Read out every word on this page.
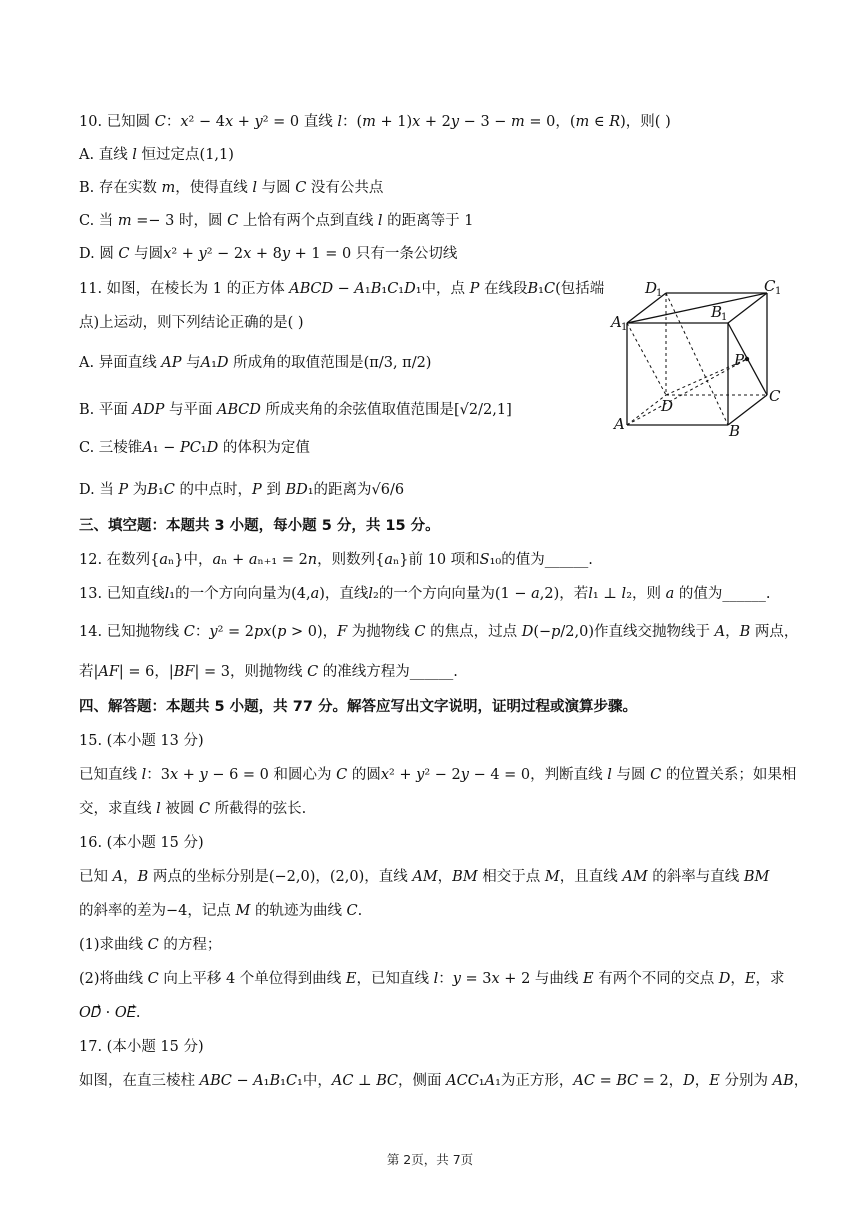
10. 已知圆 𝐶：𝑥² − 4𝑥 + 𝑦² = 0 直线 𝑙：(𝑚 + 1)𝑥 + 2𝑦 − 3 − 𝑚 = 0，(𝑚 ∈ 𝑅)，则( )
A. 直线 𝑙 恒过定点(1,1)
B. 存在实数 𝑚，使得直线 𝑙 与圆 𝐶 没有公共点
C. 当 𝑚 =− 3 时，圆 𝐶 上恰有两个点到直线 𝑙 的距离等于 1
D. 圆 𝐶 与圆𝑥² + 𝑦² − 2𝑥 + 8𝑦 + 1 = 0 只有一条公切线
11. 如图，在棱长为 1 的正方体 𝐴𝐵𝐶𝐷 − 𝐴₁𝐵₁𝐶₁𝐷₁中，点 𝑃 在线段𝐵₁𝐶(包括端
点)上运动，则下列结论正确的是( )
A. 异面直线 𝐴𝑃 与𝐴₁𝐷 所成角的取值范围是(π/3, π/2)
B. 平面 𝐴𝐷𝑃 与平面 𝐴𝐵𝐶𝐷 所成夹角的余弦值取值范围是[√2/2,1]
C. 三棱锥𝐴₁ − 𝑃𝐶₁𝐷 的体积为定值
D. 当 𝑃 为𝐵₁𝐶 的中点时，𝑃 到 𝐵𝐷₁的距离为√6/6
三、填空题：本题共 3 小题，每小题 5 分，共 15 分。
12. 在数列{𝑎ₙ}中，𝑎ₙ + 𝑎ₙ₊₁ = 2𝑛，则数列{𝑎ₙ}前 10 项和𝑆₁₀的值为______.
13. 已知直线𝑙₁的一个方向向量为(4,𝑎)，直线𝑙₂的一个方向向量为(1 − 𝑎,2)，若𝑙₁ ⊥ 𝑙₂，则 𝑎 的值为______.
14. 已知抛物线 𝐶：𝑦² = 2𝑝𝑥(𝑝 > 0)，𝐹 为抛物线 𝐶 的焦点，过点 𝐷(−𝑝/2,0)作直线交抛物线于 𝐴，𝐵 两点，
若|𝐴𝐹| = 6，|𝐵𝐹| = 3，则抛物线 𝐶 的准线方程为______.
四、解答题：本题共 5 小题，共 77 分。解答应写出文字说明，证明过程或演算步骤。
15. (本小题 13 分)
已知直线 𝑙：3𝑥 + 𝑦 − 6 = 0 和圆心为 𝐶 的圆𝑥² + 𝑦² − 2𝑦 − 4 = 0，判断直线 𝑙 与圆 𝐶 的位置关系；如果相
交，求直线 𝑙 被圆 𝐶 所截得的弦长.
16. (本小题 15 分)
已知 𝐴，𝐵 两点的坐标分别是(−2,0)，(2,0)，直线 𝐴𝑀，𝐵𝑀 相交于点 𝑀，且直线 𝐴𝑀 的斜率与直线 𝐵𝑀
的斜率的差为−4，记点 𝑀 的轨迹为曲线 𝐶.
(1)求曲线 𝐶 的方程；
(2)将曲线 𝐶 向上平移 4 个单位得到曲线 𝐸，已知直线 𝑙：𝑦 = 3𝑥 + 2 与曲线 𝐸 有两个不同的交点 𝐷，𝐸，求
𝑂𝐷⃗ · 𝑂𝐸⃗.
17. (本小题 15 分)
如图，在直三棱柱 𝐴𝐵𝐶 − 𝐴₁𝐵₁𝐶₁中，𝐴𝐶 ⊥ 𝐵𝐶，侧面 𝐴𝐶𝐶₁𝐴₁为正方形，𝐴𝐶 = 𝐵𝐶 = 2，𝐷，𝐸 分别为 𝐴𝐵，
D
1	C 1
A 1
B
1
P
D
C
A	B
第 2页，共 7页
